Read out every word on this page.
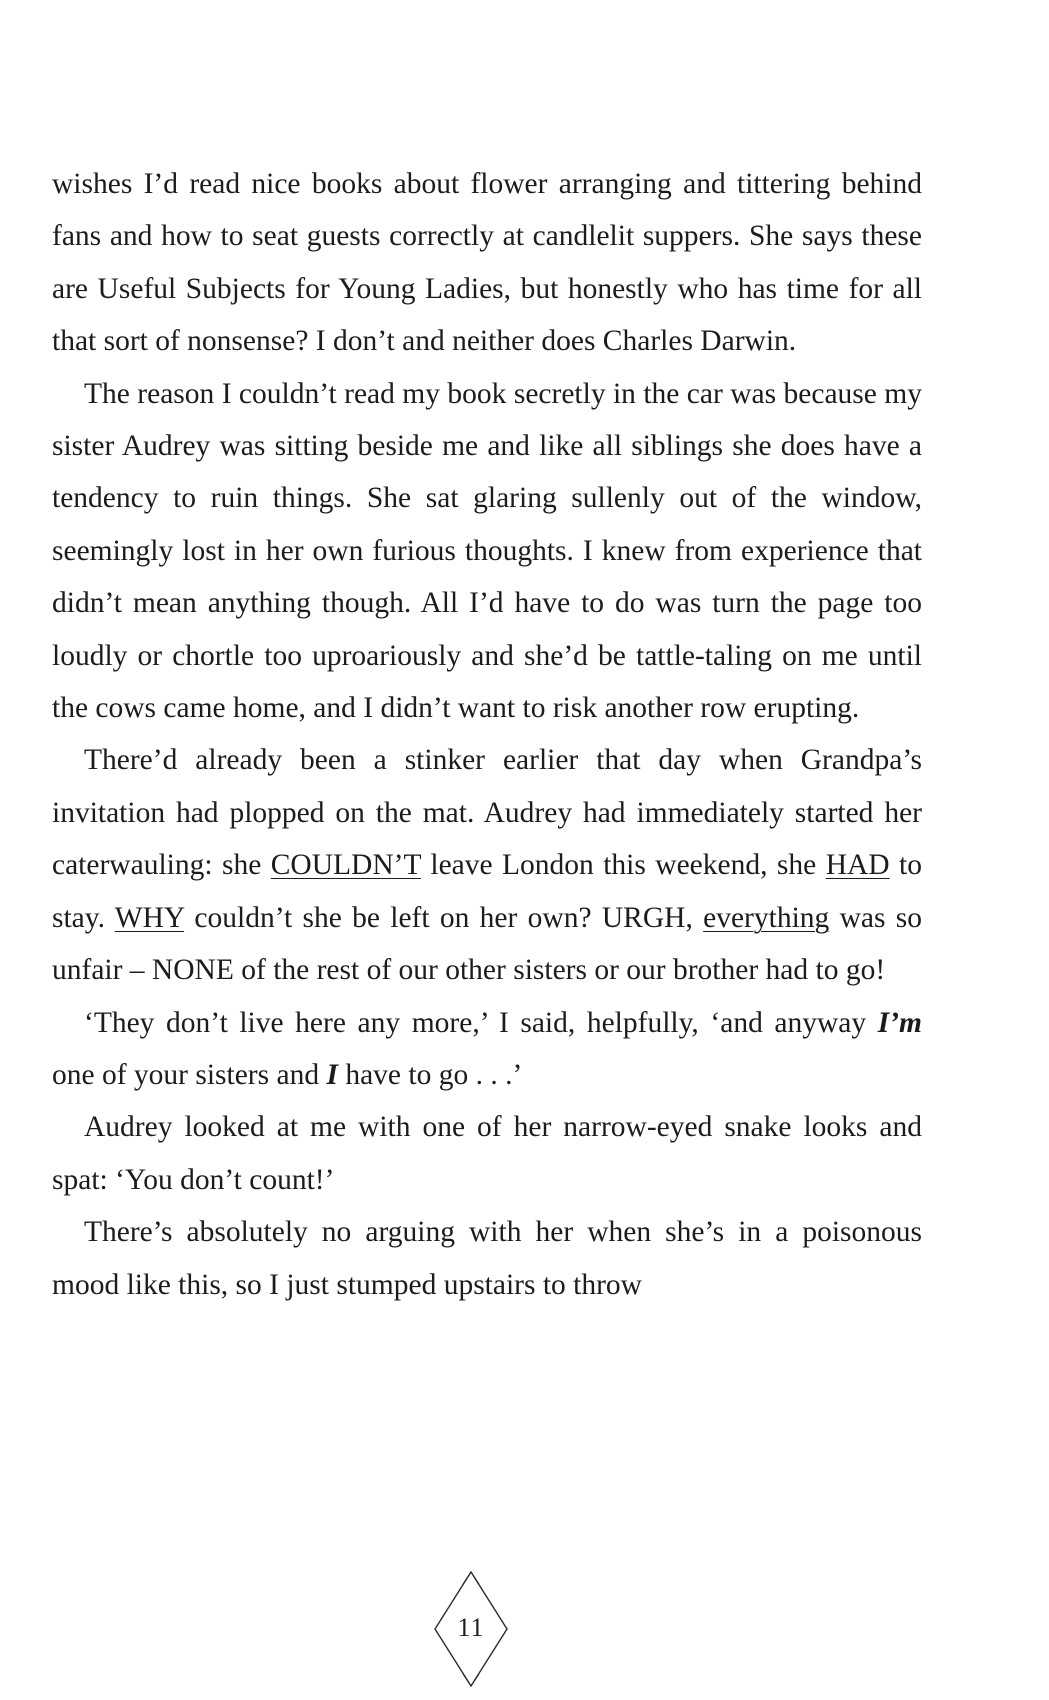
wishes I’d read nice books about flower arranging and tittering behind fans and how to seat guests correctly at candlelit suppers. She says these are Useful Subjects for Young Ladies, but honestly who has time for all that sort of nonsense? I don’t and neither does Charles Darwin.

The reason I couldn’t read my book secretly in the car was because my sister Audrey was sitting beside me and like all siblings she does have a tendency to ruin things. She sat glaring sullenly out of the window, seemingly lost in her own furious thoughts. I knew from experience that didn’t mean anything though. All I’d have to do was turn the page too loudly or chortle too uproariously and she’d be tattle-taling on me until the cows came home, and I didn’t want to risk another row erupting.

There’d already been a stinker earlier that day when Grandpa’s invitation had plopped on the mat. Audrey had immediately started her caterwauling: she COULDN’T leave London this weekend, she HAD to stay. WHY couldn’t she be left on her own? URGH, everything was so unfair – NONE of the rest of our other sisters or our brother had to go!

‘They don’t live here any more,’ I said, helpfully, ‘and anyway I’m one of your sisters and I have to go . . .’

Audrey looked at me with one of her narrow-eyed snake looks and spat: ‘You don’t count!’

There’s absolutely no arguing with her when she’s in a poisonous mood like this, so I just stumped upstairs to throw

11
